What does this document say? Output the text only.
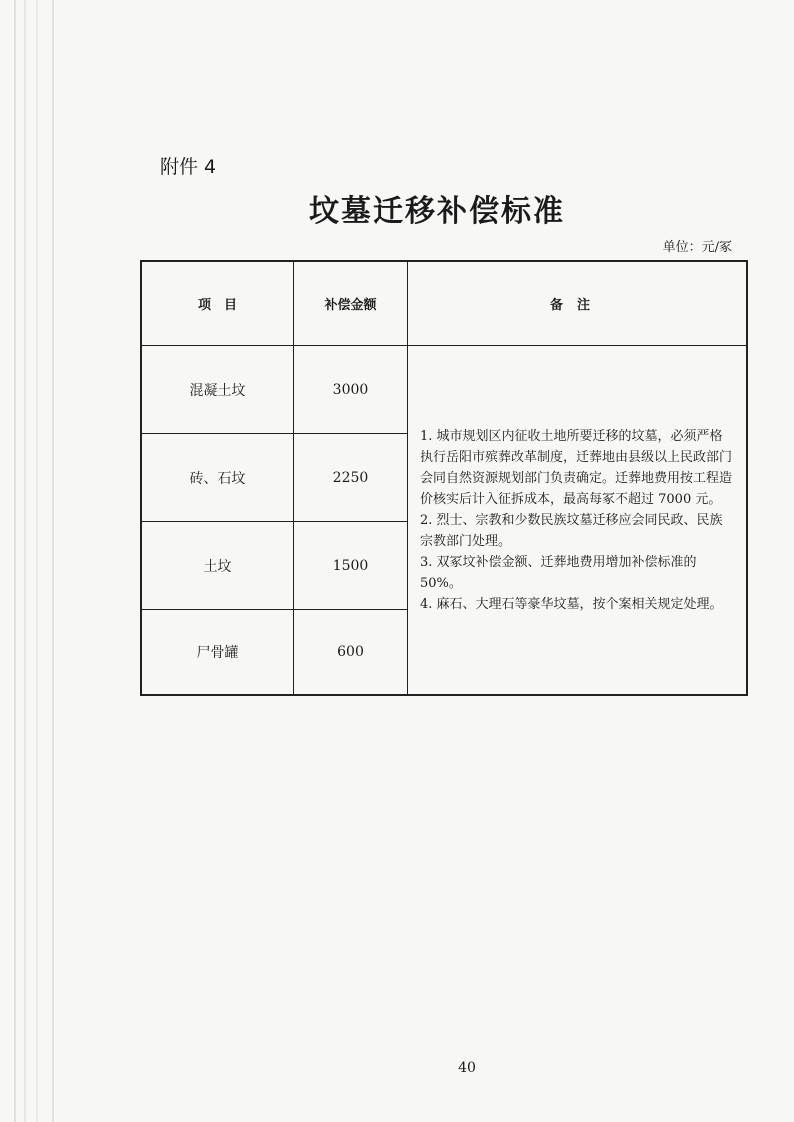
附件 4
坟墓迁移补偿标准
单位：元/冢
项　目	补偿金额	备注
混凝土坟	3000
1. 城市规划区内征收土地所要迁移的坟墓，必须严格执行岳阳市殡葬改革制度，迁葬地由县级以上民政部门会同自然资源规划部门负责确定。迁葬地费用按工程造价核实后计入征拆成本，最高每冢不超过 7000 元。
2. 烈士、宗教和少数民族坟墓迁移应会同民政、民族宗教部门处理。
3. 双冢坟补偿金额、迁葬地费用增加补偿标准的 50%。
4. 麻石、大理石等豪华坟墓，按个案相关规定处理。
砖、石坟	2250
土坟	1500
尸骨罐	600
40
